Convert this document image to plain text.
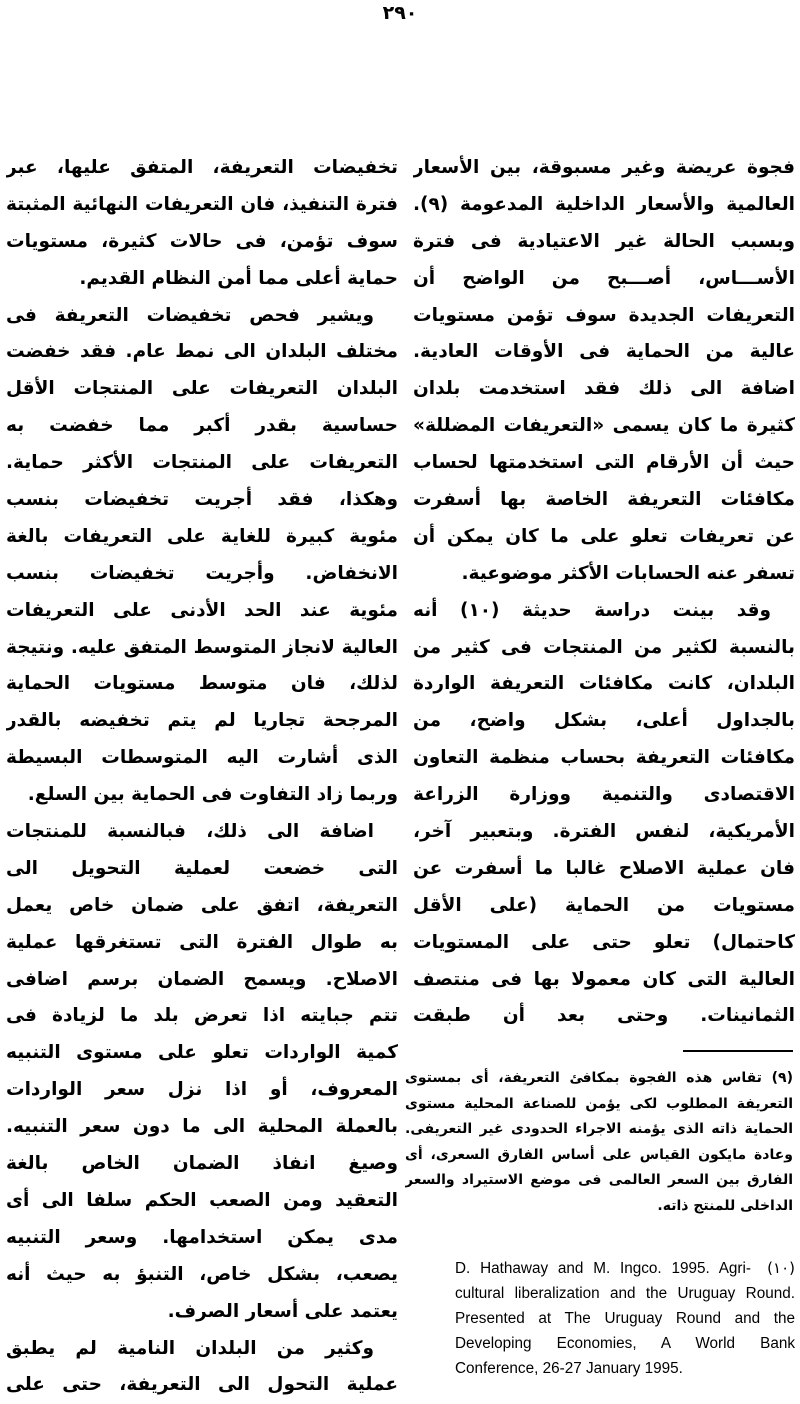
٢٩٠
فجوة عريضة وغير مسبوقة، بين الأسعار
العالمية والأسعار الداخلية المدعومة (٩).
وبسبب الحالة غير الاعتيادية فى فترة
الأســـاس، أصـــبح من الواضح أن
التعريفات الجديدة سوف تؤمن مستويات
عالية من الحماية فى الأوقات العادية.
اضافة الى ذلك فقد استخدمت بلدان
كثيرة ما كان يسمى «التعريفات المضللة»
حيث أن الأرقام التى استخدمتها لحساب
مكافئات التعريفة الخاصة بها أسفرت
عن تعريفات تعلو على ما كان يمكن أن
تسفر عنه الحسابات الأكثر موضوعية.
وقد بينت دراسة حديثة (١٠) أنه
بالنسبة لكثير من المنتجات فى كثير من
البلدان، كانت مكافئات التعريفة الواردة
بالجداول أعلى، بشكل واضح، من
مكافئات التعريفة بحساب منظمة التعاون
الاقتصادى والتنمية ووزارة الزراعة
الأمريكية، لنفس الفترة. وبتعبير آخر،
فان عملية الاصلاح غالبا ما أسفرت عن
مستويات من الحماية (على الأقل
كاحتمال) تعلو حتى على المستويات
العالية التى كان معمولا بها فى منتصف
الثمانينات. وحتى بعد أن طبقت
تخفيضات التعريفة، المتفق عليها، عبر
فترة التنفيذ، فان التعريفات النهائية المثبتة
سوف تؤمن، فى حالات كثيرة، مستويات
حماية أعلى مما أمن النظام القديم.
ويشير فحص تخفيضات التعريفة فى
مختلف البلدان الى نمط عام. فقد خفضت
البلدان التعريفات على المنتجات الأقل
حساسية بقدر أكبر مما خفضت به
التعريفات على المنتجات الأكثر حماية.
وهكذا، فقد أجريت تخفيضات بنسب
مئوية كبيرة للغاية على التعريفات بالغة
الانخفاض. وأجريت تخفيضات بنسب
مئوية عند الحد الأدنى على التعريفات
العالية لانجاز المتوسط المتفق عليه. ونتيجة
لذلك، فان متوسط مستويات الحماية
المرجحة تجاريا لم يتم تخفيضه بالقدر
الذى أشارت اليه المتوسطات البسيطة
وربما زاد التفاوت فى الحماية بين السلع.
اضافة الى ذلك، فبالنسبة للمنتجات
التى خضعت لعملية التحويل الى
التعريفة، اتفق على ضمان خاص يعمل
به طوال الفترة التى تستغرقها عملية
الاصلاح. ويسمح الضمان برسم اضافى
تتم جبايته اذا تعرض بلد ما لزيادة فى
كمية الواردات تعلو على مستوى التنبيه
المعروف، أو اذا نزل سعر الواردات
بالعملة المحلية الى ما دون سعر التنبيه.
وصيغ انفاذ الضمان الخاص بالغة
التعقيد ومن الصعب الحكم سلفا الى أى
مدى يمكن استخدامها. وسعر التنبيه
يصعب، بشكل خاص، التنبؤ به حيث أنه
يعتمد على أسعار الصرف.
وكثير من البلدان النامية لم يطبق
عملية التحول الى التعريفة، حتى على
(٩) تقاس هذه الفجوة بمكافئ التعريفة، أى بمستوى
التعريفة المطلوب لكى يؤمن للصناعة المحلية مستوى
الحماية ذاته الذى يؤمنه الاجراء الحدودى غير التعريفى.
وعادة مايكون القياس على أساس الفارق السعرى، أى
الفارق بين السعر العالمى فى موضع الاستيراد والسعر
الداخلى للمنتج ذاته.
(١٠)
D. Hathaway and M. Ingco. 1995. Agri-
cultural liberalization and the Uruguay Round.
Presented at The Uruguay Round and the
Developing Economies, A World Bank
Conference, 26-27 January 1995.
